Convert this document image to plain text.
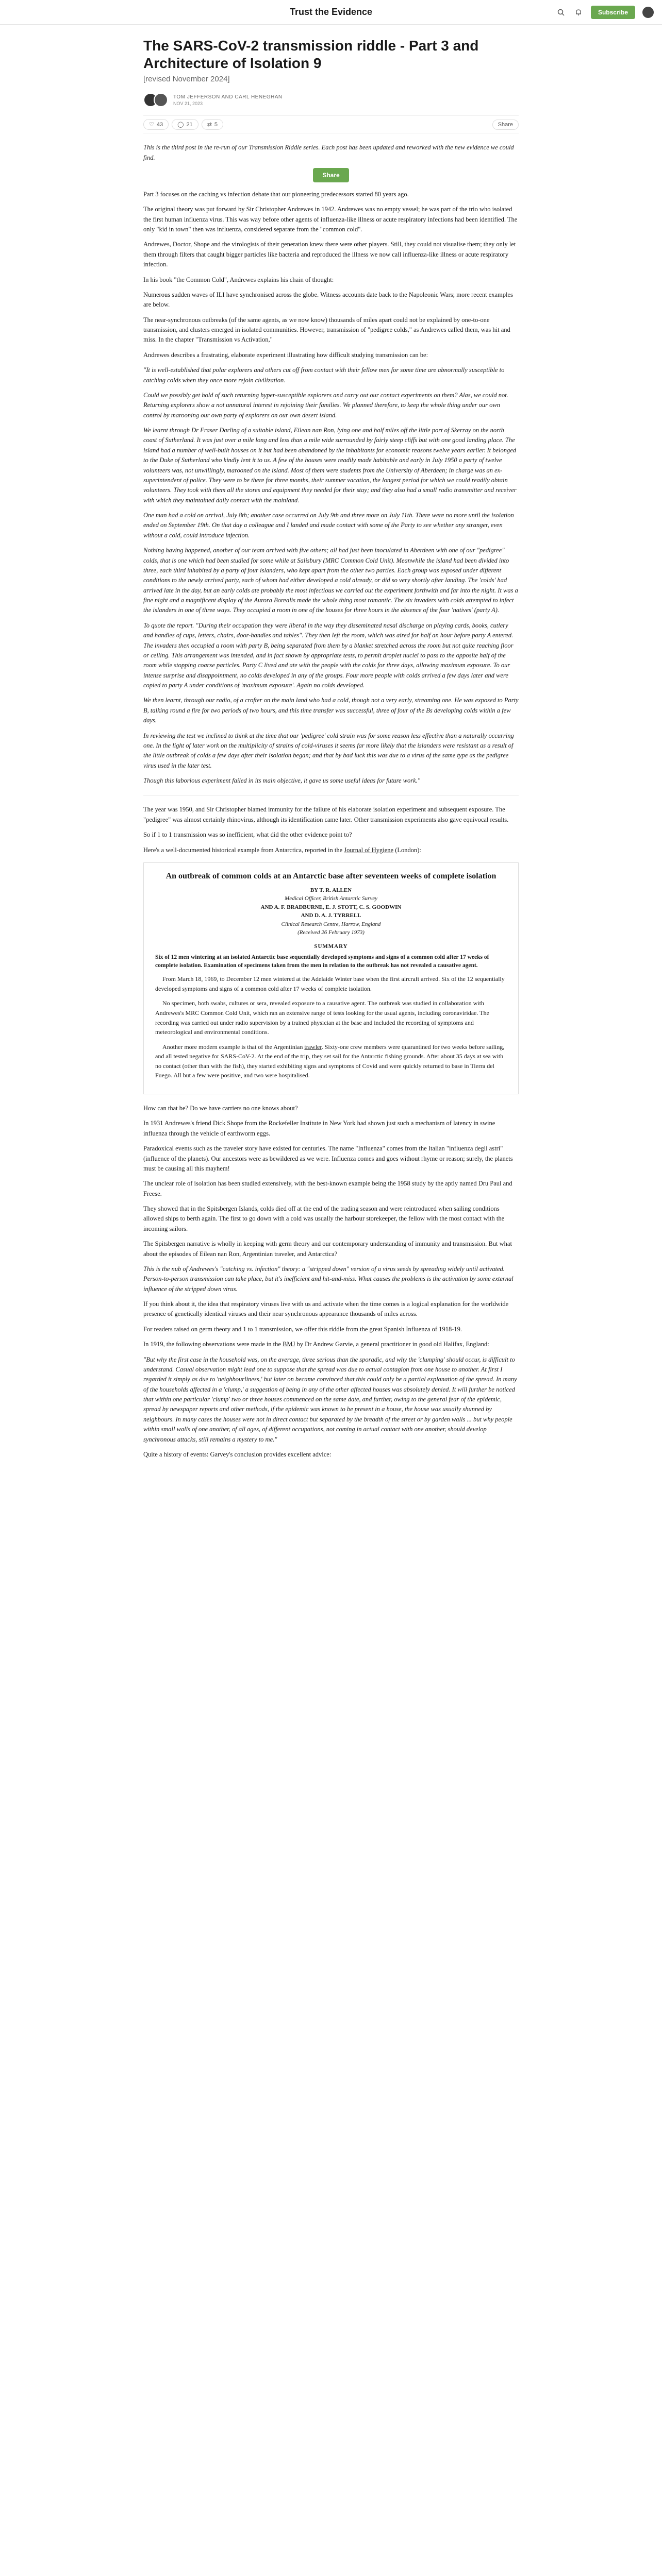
Trust the Evidence	Subscribe
The SARS-CoV-2 transmission riddle - Part 3 and Architecture of Isolation 9
[revised November 2024]
TOM JEFFERSON AND CARL HENEGHAN
NOV 21, 2023
♡ 43	◯ 21	⇄ 5	Share

This is the third post in the re-run of our Transmission Riddle series. Each post has been updated and reworked with the new evidence we could find.

Share

Part 3 focuses on the caching vs infection debate that our pioneering predecessors started 80 years ago.

The original theory was put forward by Sir Christopher Andrewes in 1942. Andrewes was no empty vessel; he was part of the trio who isolated the first human influenza virus. This was way before other agents of influenza-like illness or acute respiratory infections had been identified. The only "kid in town" then was influenza, considered separate from the "common cold".

Andrewes, Doctor, Shope and the virologists of their generation knew there were other players. Still, they could not visualise them; they only let them through filters that caught bigger particles like bacteria and reproduced the illness we now call influenza-like illness or acute respiratory infection.

In his book "the Common Cold", Andrewes explains his chain of thought:

Numerous sudden waves of ILI have synchronised across the globe. Witness accounts date back to the Napoleonic Wars; more recent examples are below.

The near-synchronous outbreaks (of the same agents, as we now know) thousands of miles apart could not be explained by one-to-one transmission, and clusters emerged in isolated communities. However, transmission of "pedigree colds," as Andrewes called them, was hit and miss. In the chapter "Transmission vs Activation,"

Andrewes describes a frustrating, elaborate experiment illustrating how difficult studying transmission can be:

"It is well-established that polar explorers and others cut off from contact with their fellow men for some time are abnormally susceptible to catching colds when they once more rejoin civilization.

Could we possibly get hold of such returning hyper-susceptible explorers and carry out our contact experiments on them? Alas, we could not. Returning explorers show a not unnatural interest in rejoining their families. We planned therefore, to keep the whole thing under our own control by marooning our own party of explorers on our own desert island.

We learnt through Dr Fraser Darling of a suitable island, Eilean nan Ron, lying one and half miles off the little port of Skerray on the north coast of Sutherland. It was just over a mile long and less than a mile wide surrounded by fairly steep cliffs but with one good landing place. The island had a number of well-built houses on it but had been abandoned by the inhabitants for economic reasons twelve years earlier. It belonged to the Duke of Sutherland who kindly lent it to us. A few of the houses were readily made habitable and early in July 1950 a party of twelve volunteers was, not unwillingly, marooned on the island. Most of them were students from the University of Aberdeen; in charge was an ex-superintendent of police. They were to be there for three months, their summer vacation, the longest period for which we could readily obtain volunteers. They took with them all the stores and equipment they needed for their stay; and they also had a small radio transmitter and receiver with which they maintained daily contact with the mainland.

One man had a cold on arrival, July 8th; another case occurred on July 9th and three more on July 11th. There were no more until the isolation ended on September 19th. On that day a colleague and I landed and made contact with some of the Party to see whether any stranger, even without a cold, could introduce infection.

Nothing having happened, another of our team arrived with five others; all had just been inoculated in Aberdeen with one of our "pedigree" colds, that is one which had been studied for some while at Salisbury (MRC Common Cold Unit). Meanwhile the island had been divided into three, each third inhabited by a party of four islanders, who kept apart from the other two parties. Each group was exposed under different conditions to the newly arrived party, each of whom had either developed a cold already, or did so very shortly after landing. The 'colds' had arrived late in the day, but an early colds ate probably the most infectious we carried out the experiment forthwith and far into the night. It was a fine night and a magnificent display of the Aurora Borealis made the whole thing most romantic. The six invaders with colds attempted to infect the islanders in one of three ways. They occupied a room in one of the houses for three hours in the absence of the four 'natives' (party A).

To quote the report. "During their occupation they were liberal in the way they disseminated nasal discharge on playing cards, books, cutlery and handles of cups, letters, chairs, door-handles and tables". They then left the room, which was aired for half an hour before party A entered. The invaders then occupied a room with party B, being separated from them by a blanket stretched across the room but not quite reaching floor or ceiling. This arrangement was intended, and in fact shown by appropriate tests, to permit droplet nuclei to pass to the opposite half of the room while stopping coarse particles. Party C lived and ate with the people with the colds for three days, allowing maximum exposure. To our intense surprise and disappointment, no colds developed in any of the groups. Four more people with colds arrived a few days later and were copied to party A under conditions of 'maximum exposure'. Again no colds developed.

We then learnt, through our radio, of a crofter on the main land who had a cold, though not a very early, streaming one. He was exposed to Party B, talking round a fire for two periods of two hours, and this time transfer was successful, three of four of the Bs developing colds within a few days.

In reviewing the test we inclined to think at the time that our 'pedigree' cold strain was for some reason less effective than a naturally occurring one. In the light of later work on the multiplicity of strains of cold-viruses it seems far more likely that the islanders were resistant as a result of the little outbreak of colds a few days after their isolation began; and that by bad luck this was due to a virus of the same type as the pedigree virus used in the later test.

Though this laborious experiment failed in its main objective, it gave us some useful ideas for future work."

The year was 1950, and Sir Christopher blamed immunity for the failure of his elaborate isolation experiment and subsequent exposure. The "pedigree" was almost certainly rhinovirus, although its identification came later. Other transmission experiments also gave equivocal results.

So if 1 to 1 transmission was so inefficient, what did the other evidence point to?

Here's a well-documented historical example from Antarctica, reported in the Journal of Hygiene (London):

An outbreak of common colds at an Antarctic base after seventeen weeks of complete isolation
BY T. R. ALLEN
Medical Officer, British Antarctic Survey
AND A. F. BRADBURNE, E. J. STOTT, C. S. GOODWIN
AND D. A. J. TYRRELL
Clinical Research Centre, Harrow, England
(Received 26 February 1973)
SUMMARY
Six of 12 men wintering at an isolated Antarctic base sequentially developed symptoms and signs of a common cold after 17 weeks of complete isolation. Examination of specimens taken from the men in relation to the outbreak has not revealed a causative agent.

From March 18, 1969, to December 12 men wintered at the Adelaide Winter base when the first aircraft arrived. Six of the 12 sequentially developed symptoms and signs of a common cold after 17 weeks of complete isolation.

No specimen, both swabs, cultures or sera, revealed exposure to a causative agent. The outbreak was studied in collaboration with Andrewes's MRC Common Cold Unit, which ran an extensive range of tests looking for the usual agents, including coronaviridae. The recording was carried out under radio supervision by a trained physician at the base and included the recording of symptoms and meteorological and environmental conditions.

Another more modern example is that of the Argentinian trawler. Sixty-one crew members were quarantined for two weeks before sailing, and all tested negative for SARS-CoV-2. At the end of the trip, they set sail for the Antarctic fishing grounds. After about 35 days at sea with no contact (other than with the fish), they started exhibiting signs and symptoms of Covid and were quickly returned to base in Tierra del Fuego. All but a few were positive, and two were hospitalised.

How can that be? Do we have carriers no one knows about?

In 1931 Andrewes's friend Dick Shope from the Rockefeller Institute in New York had shown just such a mechanism of latency in swine influenza through the vehicle of earthworm eggs.

Paradoxical events such as the traveler story have existed for centuries. The name "Influenza" comes from the Italian "influenza degli astri" (influence of the planets). Our ancestors were as bewildered as we were. Influenza comes and goes without rhyme or reason; surely, the planets must be causing all this mayhem!

The unclear role of isolation has been studied extensively, with the best-known example being the 1958 study by the aptly named Dru Paul and Freese.

They showed that in the Spitsbergen Islands, colds died off at the end of the trading season and were reintroduced when sailing conditions allowed ships to berth again. The first to go down with a cold was usually the harbour storekeeper, the fellow with the most contact with the incoming sailors.

The Spitsbergen narrative is wholly in keeping with germ theory and our contemporary understanding of immunity and transmission. But what about the episodes of Eilean nan Ron, Argentinian traveler, and Antarctica?

This is the nub of Andrewes's "catching vs. infection" theory: a "stripped down" version of a virus seeds by spreading widely until activated. Person-to-person transmission can take place, but it's inefficient and hit-and-miss. What causes the problems is the activation by some external influence of the stripped down virus.

If you think about it, the idea that respiratory viruses live with us and activate when the time comes is a logical explanation for the worldwide presence of genetically identical viruses and their near synchronous appearance thousands of miles across.

For readers raised on germ theory and 1 to 1 transmission, we offer this riddle from the great Spanish Influenza of 1918-19.

In 1919, the following observations were made in the BMJ by Dr Andrew Garvie, a general practitioner in good old Halifax, England:

"But why the first case in the household was, on the average, three serious than the sporadic, and why the 'clumping' should occur, is difficult to understand. Casual observation might lead one to suppose that the spread was due to actual contagion from one house to another. At first I regarded it simply as due to 'neighbourliness,' but later on became convinced that this could only be a partial explanation of the spread. In many of the households affected in a 'clump,' a suggestion of being in any of the other affected houses was absolutely denied. It will further be noticed that within one particular 'clump' two or three houses commenced on the same date, and further, owing to the general fear of the epidemic, spread by newspaper reports and other methods, if the epidemic was known to be present in a house, the house was usually shunned by neighbours. In many cases the houses were not in direct contact but separated by the breadth of the street or by garden walls ... but why people within small walls of one another, of all ages, of different occupations, not coming in actual contact with one another, should develop synchronous attacks, still remains a mystery to me."

Quite a history of events: Garvey's conclusion provides excellent advice:
